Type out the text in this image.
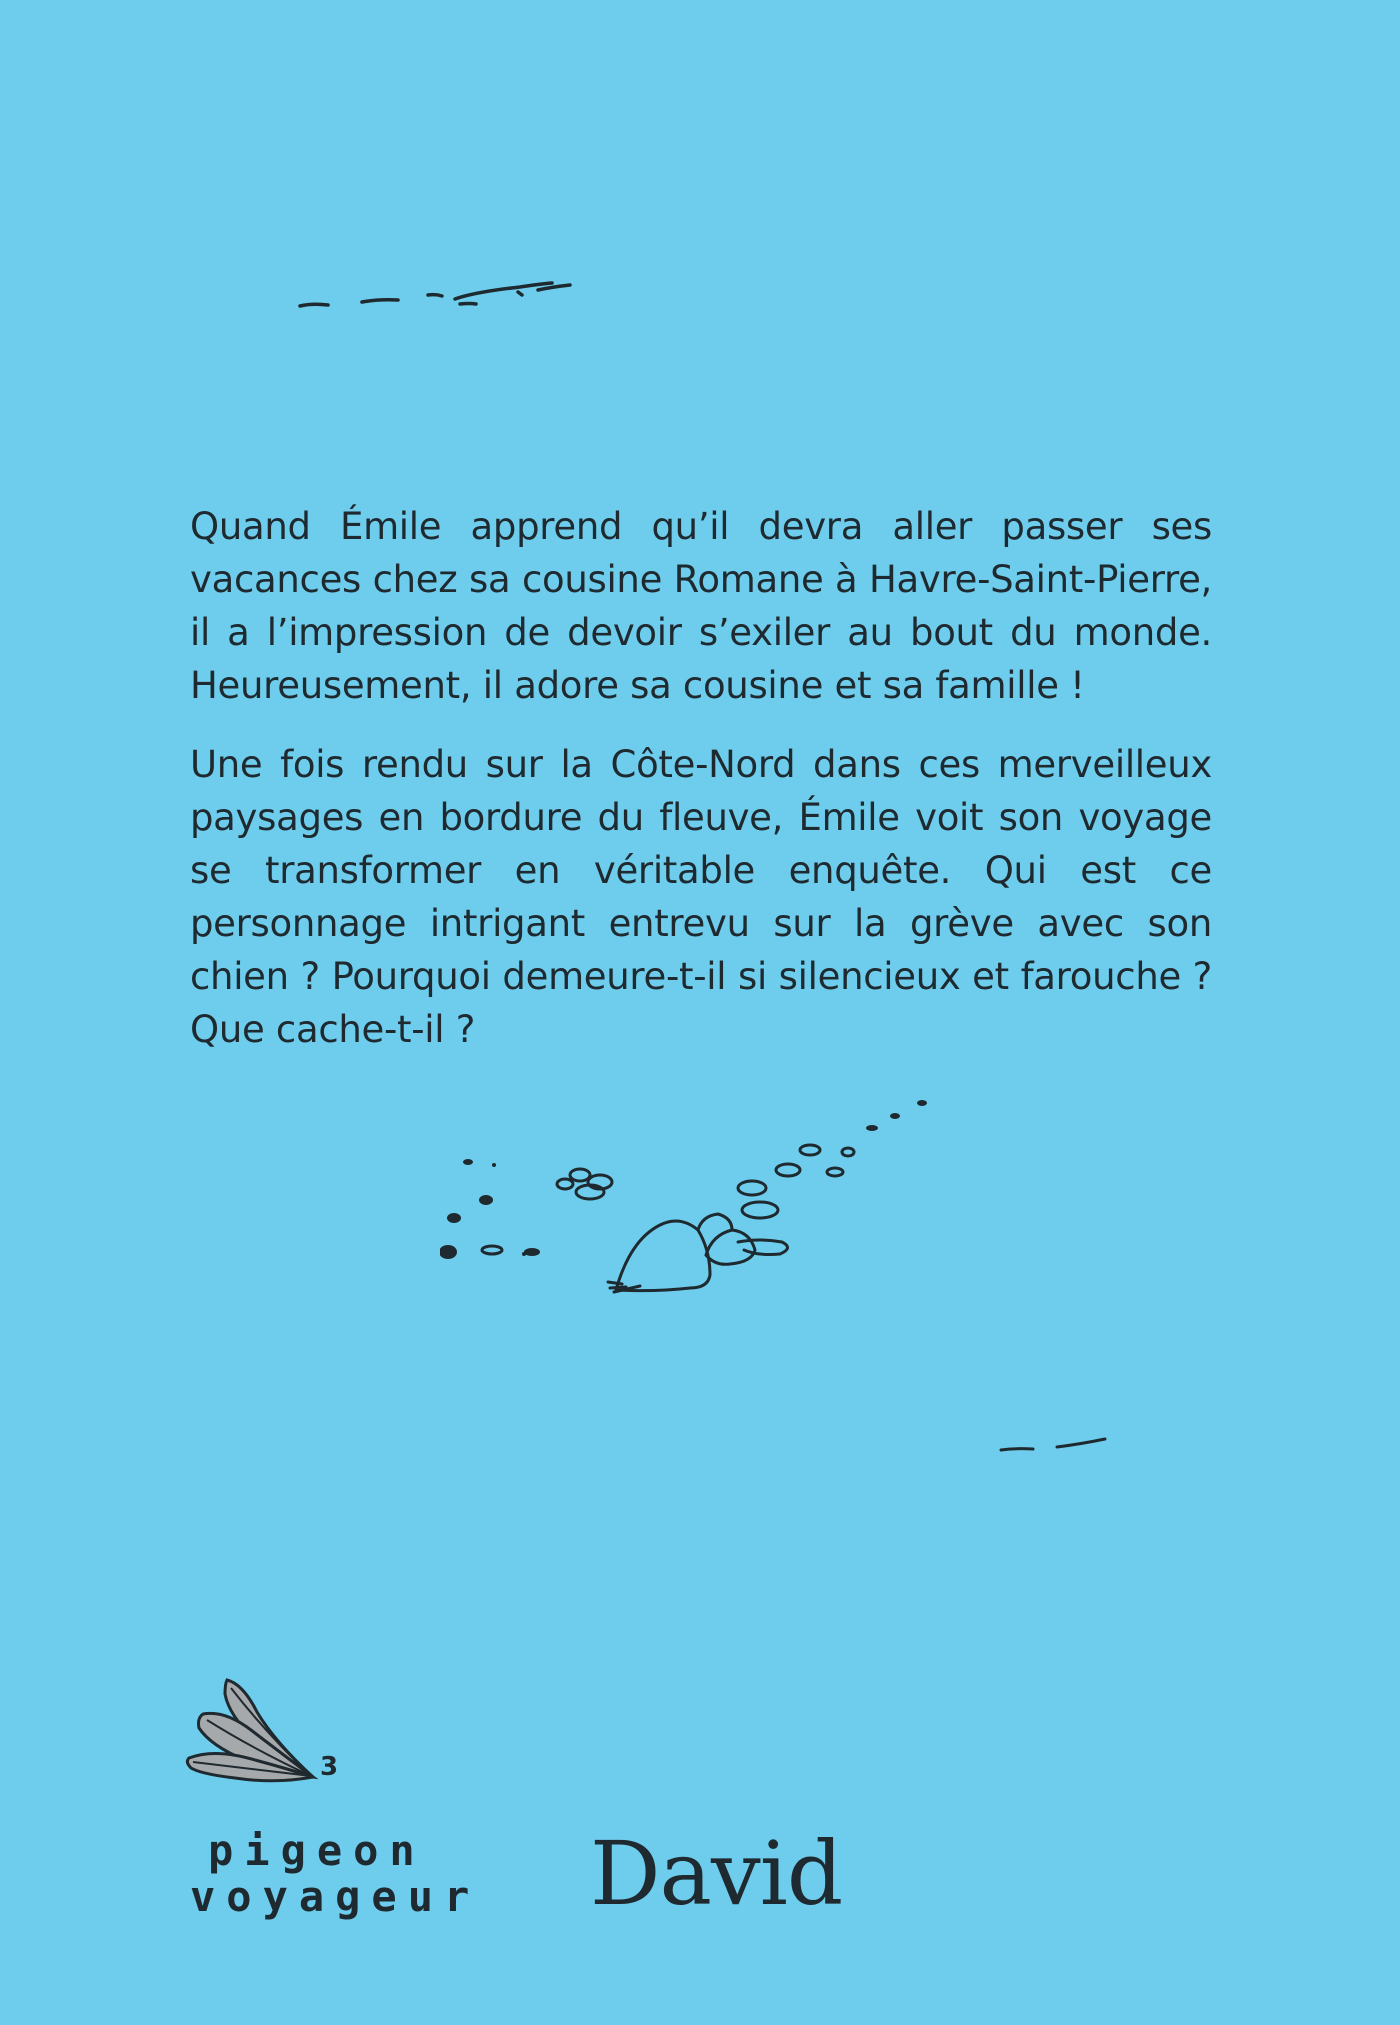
Quand Émile apprend qu’il devra aller passer ses vacances chez sa cousine Romane à Havre-Saint-Pierre, il a l’impression de devoir s’exiler au bout du monde. Heureusement, il adore sa cousine et sa famille !

Une fois rendu sur la Côte-Nord dans ces merveilleux paysages en bordure du fleuve, Émile voit son voyage se transformer en véritable enquête. Qui est ce personnage intrigant entrevu sur la grève avec son chien ? Pourquoi demeure-t-il si silencieux et farouche ? Que cache-t-il ?

3
pigeon
voyageur David
